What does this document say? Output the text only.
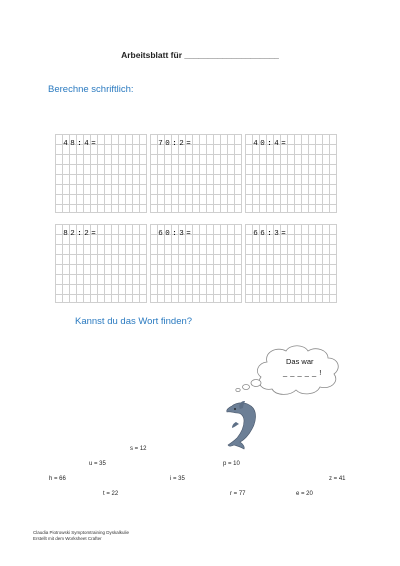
Arbeitsblatt für ____________________
Berechne schriftlich:
4 8 : 4 =	7 0 : 2 =	4 0 : 4 =
8 2 : 2 =	6 0 : 3 =	6 6 : 3 =
Kannst du das Wort finden?
Das war
_ _ _ _ _ !
s = 12
u = 35	p = 10
h = 66	i = 35	z = 41
t = 22	r = 77	e = 20
Claudia Piotrowski Symptomtraining Dyskalkulie
Erstellt mit dem Worksheet Crafter
